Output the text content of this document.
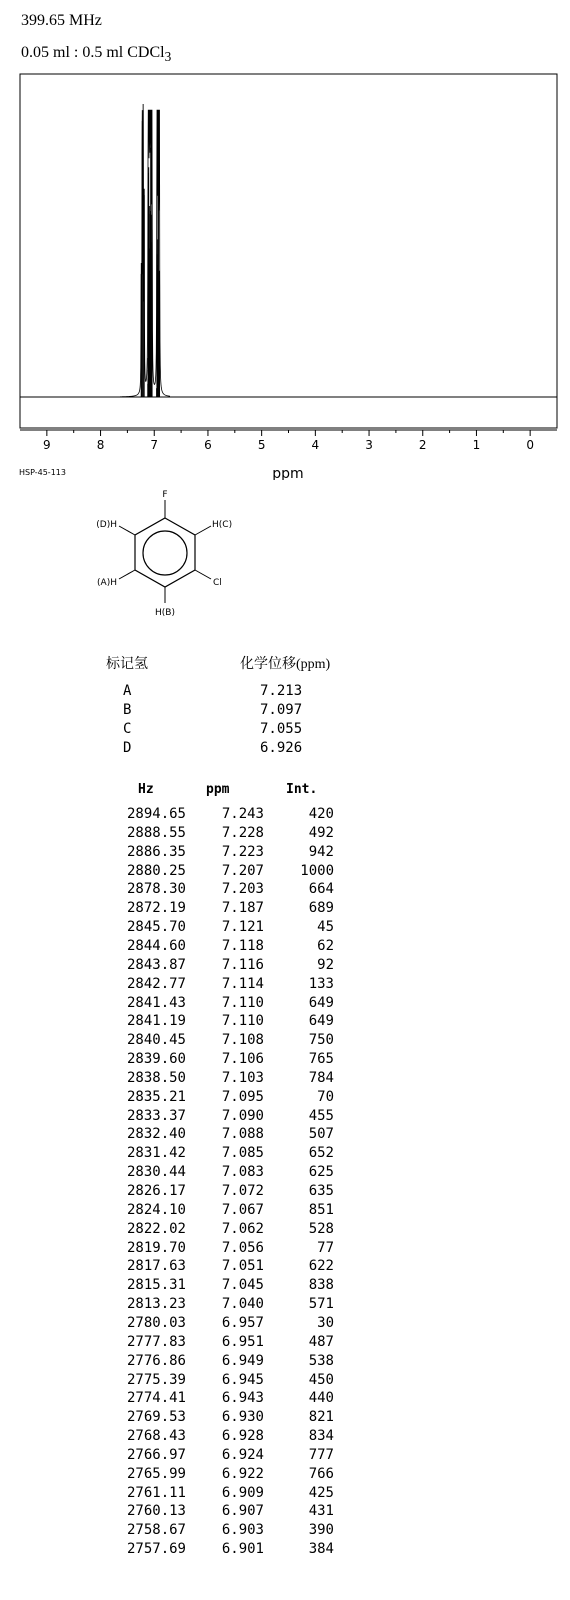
399.65 MHz
0.05 ml : 0.5 ml CDCl$_3$
9	8	7	6	5	4	3	2	1	0
ppm
HSP-45-113
F
H(C)
Cl
H(B)
(A)H
(D)H
标记氢	化学位移(ppm)
A	7.213
B	7.097
C	7.055
D	6.926
Hz	ppm	Int.
2894.65	7.243	420
2888.55	7.228	492
2886.35	7.223	942
2880.25	7.207	1000
2878.30	7.203	664
2872.19	7.187	689
2845.70	7.121	45
2844.60	7.118	62
2843.87	7.116	92
2842.77	7.114	133
2841.43	7.110	649
2841.19	7.110	649
2840.45	7.108	750
2839.60	7.106	765
2838.50	7.103	784
2835.21	7.095	70
2833.37	7.090	455
2832.40	7.088	507
2831.42	7.085	652
2830.44	7.083	625
2826.17	7.072	635
2824.10	7.067	851
2822.02	7.062	528
2819.70	7.056	77
2817.63	7.051	622
2815.31	7.045	838
2813.23	7.040	571
2780.03	6.957	30
2777.83	6.951	487
2776.86	6.949	538
2775.39	6.945	450
2774.41	6.943	440
2769.53	6.930	821
2768.43	6.928	834
2766.97	6.924	777
2765.99	6.922	766
2761.11	6.909	425
2760.13	6.907	431
2758.67	6.903	390
2757.69	6.901	384
